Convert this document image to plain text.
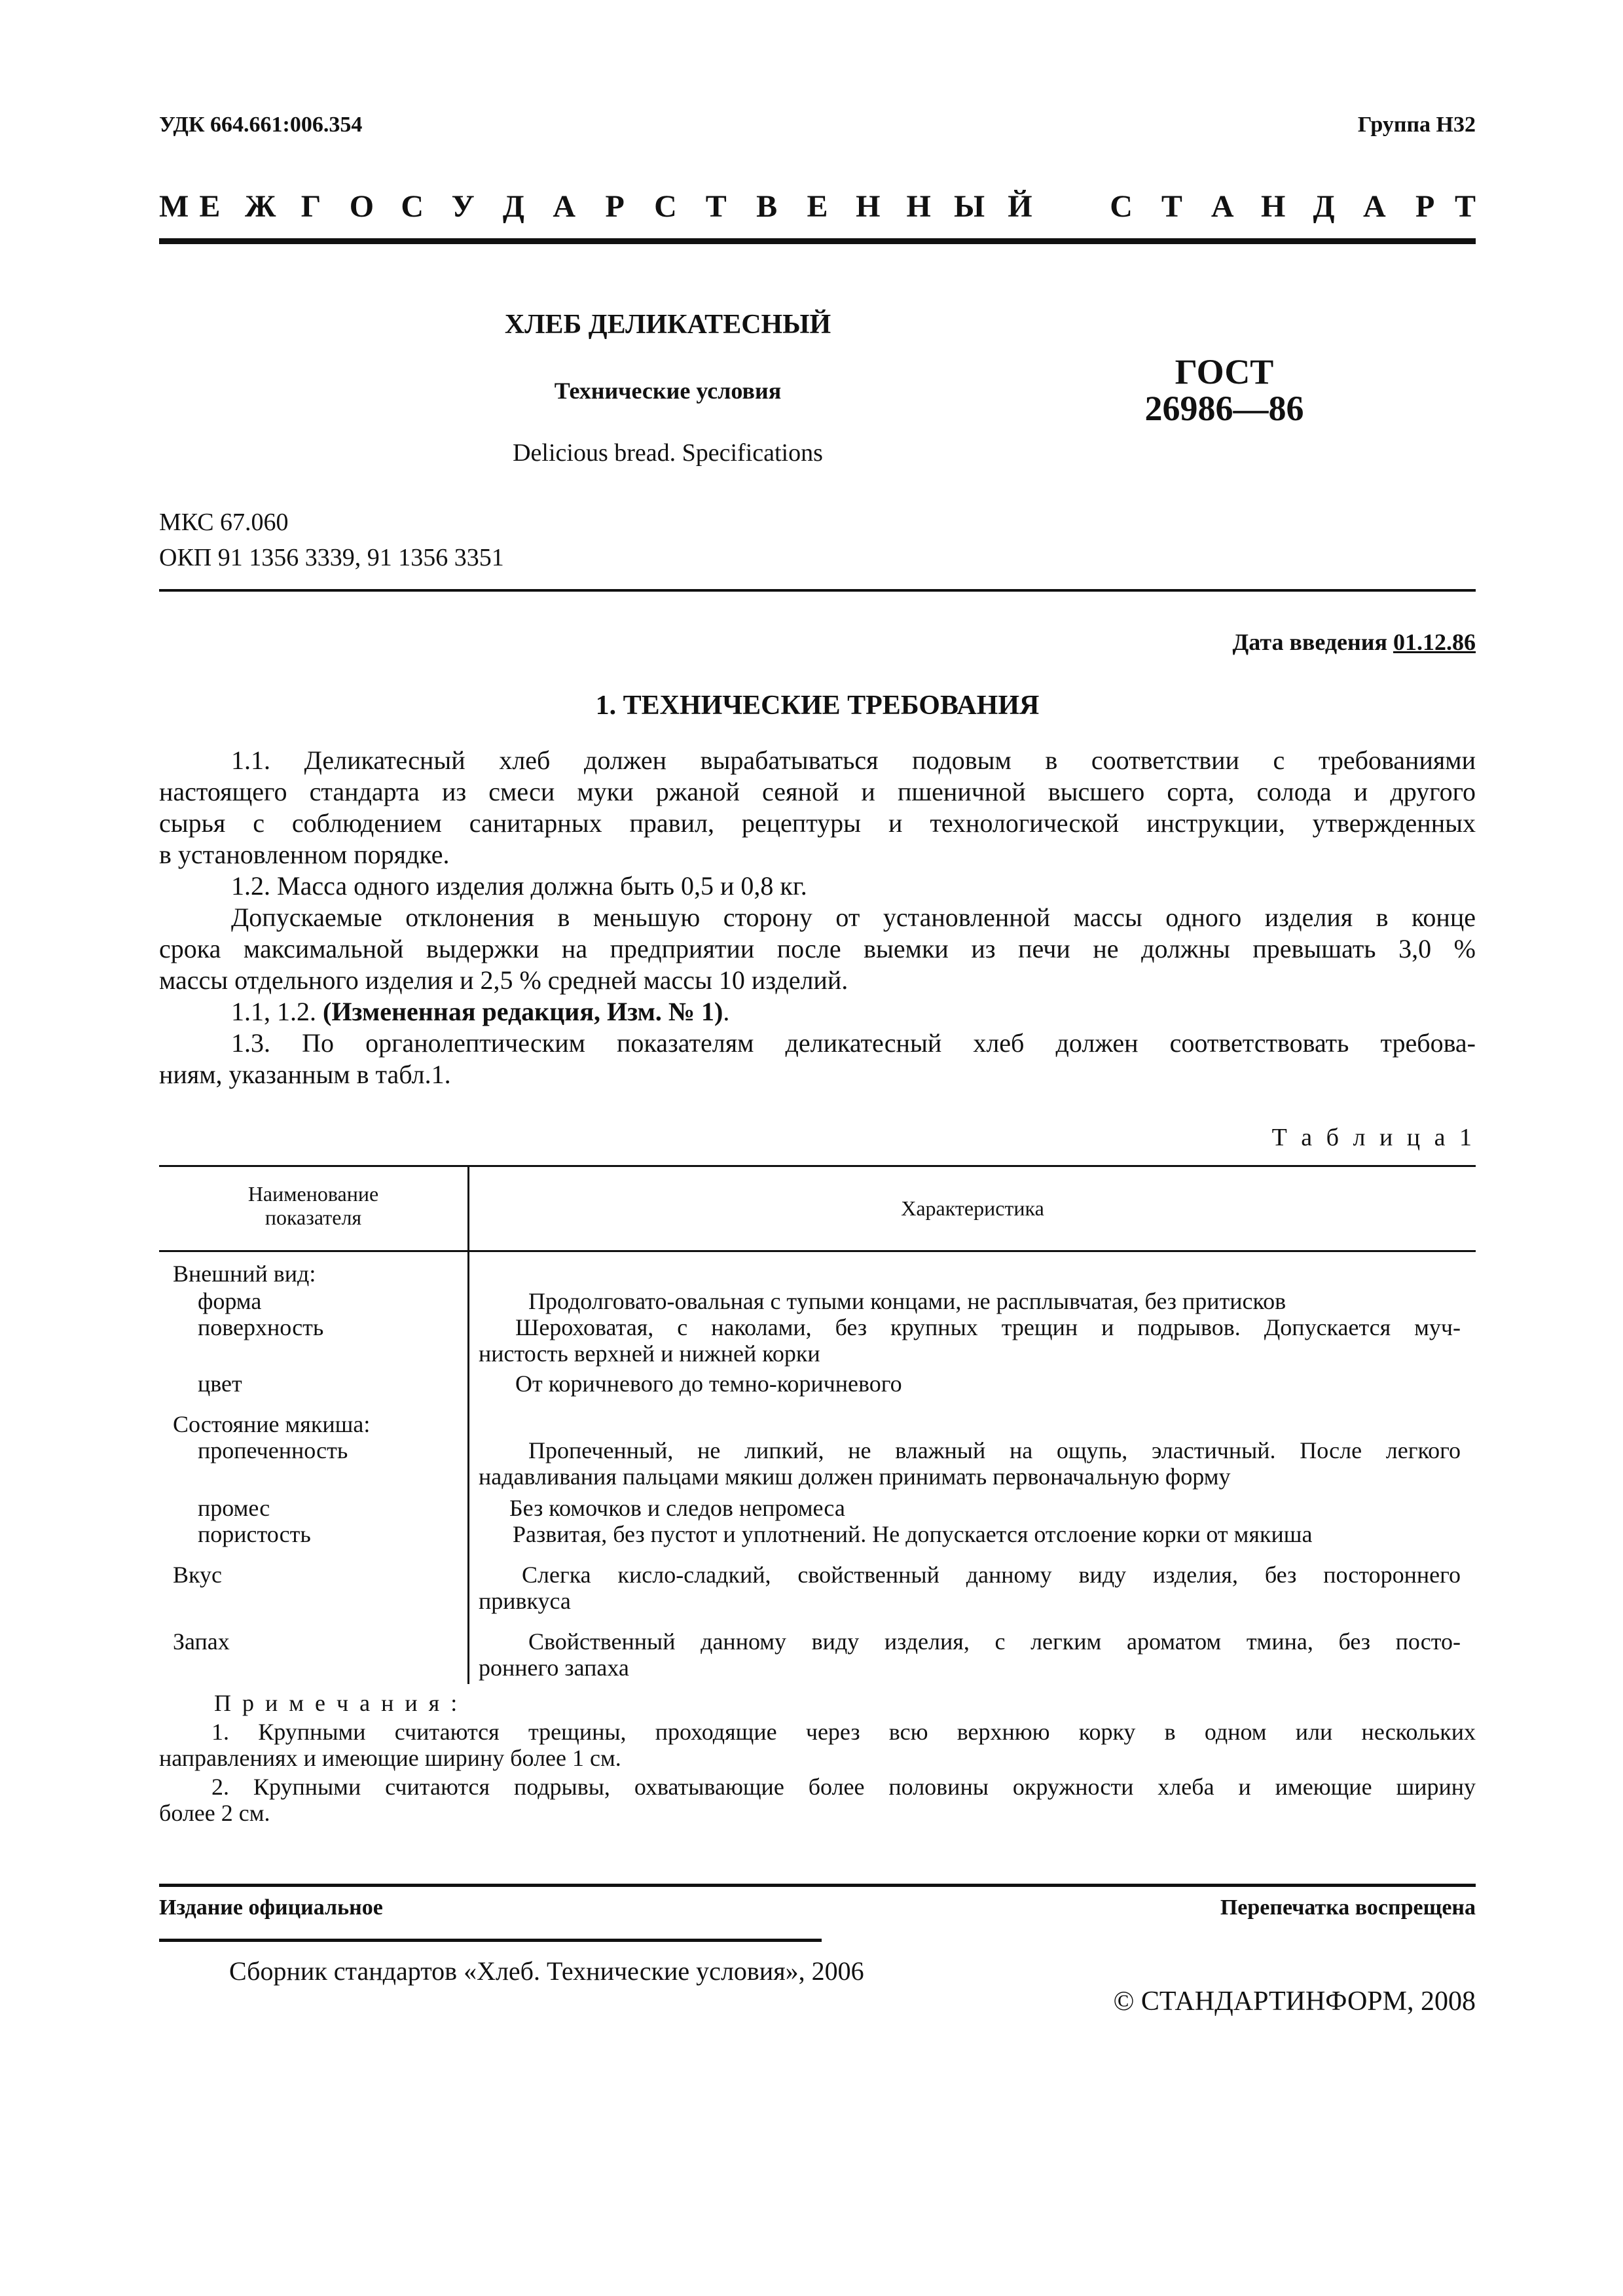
УДК 664.661:006.354	Группа Н32
М Е Ж Г О С У Д А Р С Т В Е Н Н Ы Й С Т А Н Д А Р Т
ХЛЕБ ДЕЛИКАТЕСНЫЙ
Технические условия
Delicious bread. Specifications
ГОСТ
26986—86
МКС 67.060
ОКП 91 1356 3339, 91 1356 3351
Дата введения 01.12.86
1. ТЕХНИЧЕСКИЕ ТРЕБОВАНИЯ
1.1. Деликатесный хлеб должен вырабатываться подовым в соответствии с требованиями
настоящего стандарта из смеси муки ржаной сеяной и пшеничной высшего сорта, солода и другого
сырья с соблюдением санитарных правил, рецептуры и технологической инструкции, утвержденных
в установленном порядке.
1.2. Масса одного изделия должна быть 0,5 и 0,8 кг.
Допускаемые отклонения в меньшую сторону от установленной массы одного изделия в конце
срока максимальной выдержки на предприятии после выемки из печи не должны превышать 3,0 %
массы отдельного изделия и 2,5 % средней массы 10 изделий.
1.1, 1.2. (Измененная редакция, Изм. № 1).
1.3. По органолептическим показателям деликатесный хлеб должен соответствовать требова-
ниям, указанным в табл.1.
Т а б л и ц а 1
Наименование
показателя	Характеристика
Внешний вид:
форма	Продолговато-овальная с тупыми концами, не расплывчатая, без притисков
поверхность	Шероховатая, с наколами, без крупных трещин и подрывов. Допускается муч-
нистость верхней и нижней корки
цвет	От коричневого до темно-коричневого
Состояние мякиша:
пропеченность	Пропеченный, не липкий, не влажный на ощупь, эластичный. После легкого
надавливания пальцами мякиш должен принимать первоначальную форму
промес	Без комочков и следов непромеса
пористость	Развитая, без пустот и уплотнений. Не допускается отслоение корки от мякиша
Вкус	Слегка кисло-сладкий, свойственный данному виду изделия, без постороннего
привкуса
Запах	Свойственный данному виду изделия, с легким ароматом тмина, без посто-
роннего запаха
П р и м е ч а н и я :
1. Крупными считаются трещины, проходящие через всю верхнюю корку в одном или нескольких
направлениях и имеющие ширину более 1 см.
2. Крупными считаются подрывы, охватывающие более половины окружности хлеба и имеющие ширину
более 2 см.
Издание официальное	Перепечатка воспрещена
Сборник стандартов «Хлеб. Технические условия», 2006
© СТАНДАРТИНФОРМ, 2008
